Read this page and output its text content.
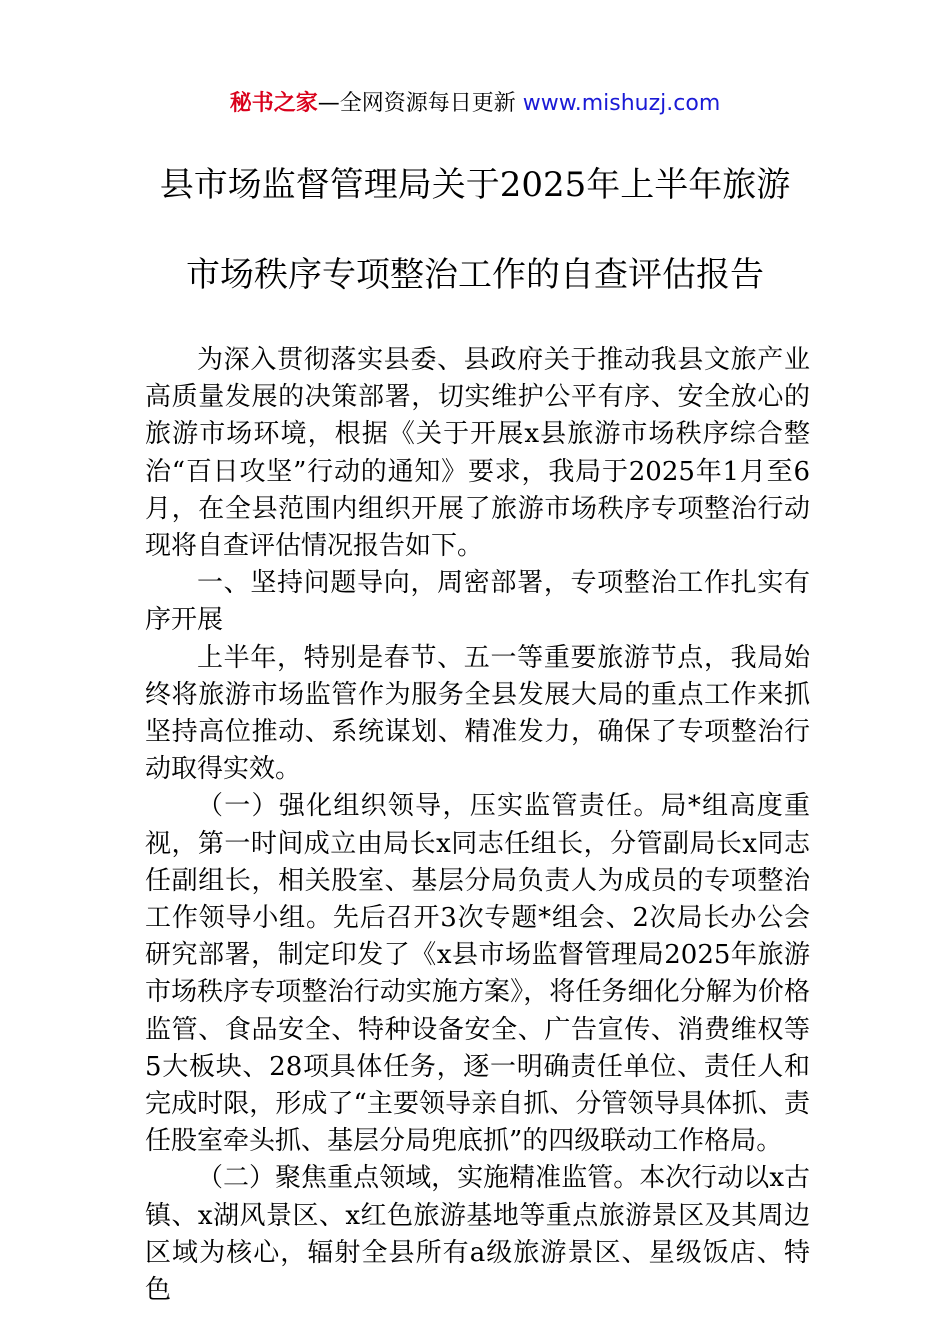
秘书之家—全网资源每日更新 www.mishuzj.com
县市场监督管理局关于2025年上半年旅游
市场秩序专项整治工作的自查评估报告

为深入贯彻落实县委、县政府关于推动我县文旅产业高质量发展的决策部署，切实维护公平有序、安全放心的旅游市场环境，根据《关于开展x县旅游市场秩序综合整治“百日攻坚”行动的通知》要求，我局于2025年1月至6月，在全县范围内组织开展了旅游市场秩序专项整治行动现将自查评估情况报告如下。

一、坚持问题导向，周密部署，专项整治工作扎实有序开展

上半年，特别是春节、五一等重要旅游节点，我局始终将旅游市场监管作为服务全县发展大局的重点工作来抓坚持高位推动、系统谋划、精准发力，确保了专项整治行动取得实效。

（一）强化组织领导，压实监管责任。局*组高度重视，第一时间成立由局长x同志任组长，分管副局长x同志任副组长，相关股室、基层分局负责人为成员的专项整治工作领导小组。先后召开3次专题*组会、2次局长办公会研究部署，制定印发了《x县市场监督管理局2025年旅游市场秩序专项整治行动实施方案》，将任务细化分解为价格监管、食品安全、特种设备安全、广告宣传、消费维权等5大板块、28项具体任务，逐一明确责任单位、责任人和完成时限，形成了“主要领导亲自抓、分管领导具体抓、责任股室牵头抓、基层分局兜底抓”的四级联动工作格局。

（二）聚焦重点领域，实施精准监管。本次行动以x古镇、x湖风景区、x红色旅游基地等重点旅游景区及其周边区域为核心，辐射全县所有a级旅游景区、星级饭店、特色
